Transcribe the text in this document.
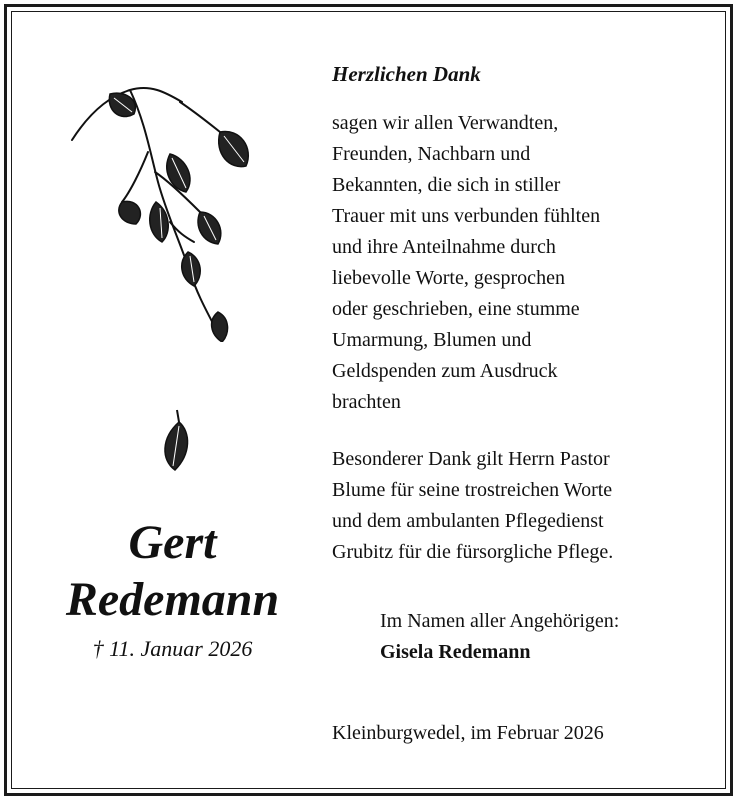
Gert

Redemann

† 11. Januar 2026

Herzlichen Dank

sagen wir allen Verwandten,
Freunden, Nachbarn und
Bekannten, die sich in stiller
Trauer mit uns verbunden fühlten
und ihre Anteilnahme durch
liebevolle Worte, gesprochen
oder geschrieben, eine stumme
Umarmung, Blumen und
Geldspenden zum Ausdruck
brachten

Besonderer Dank gilt Herrn Pastor
Blume für seine trostreichen Worte
und dem ambulanten Pflegedienst
Grubitz für die fürsorgliche Pflege.

Im Namen aller Angehörigen:
Gisela Redemann
Kleinburgwedel, im Februar 2026
